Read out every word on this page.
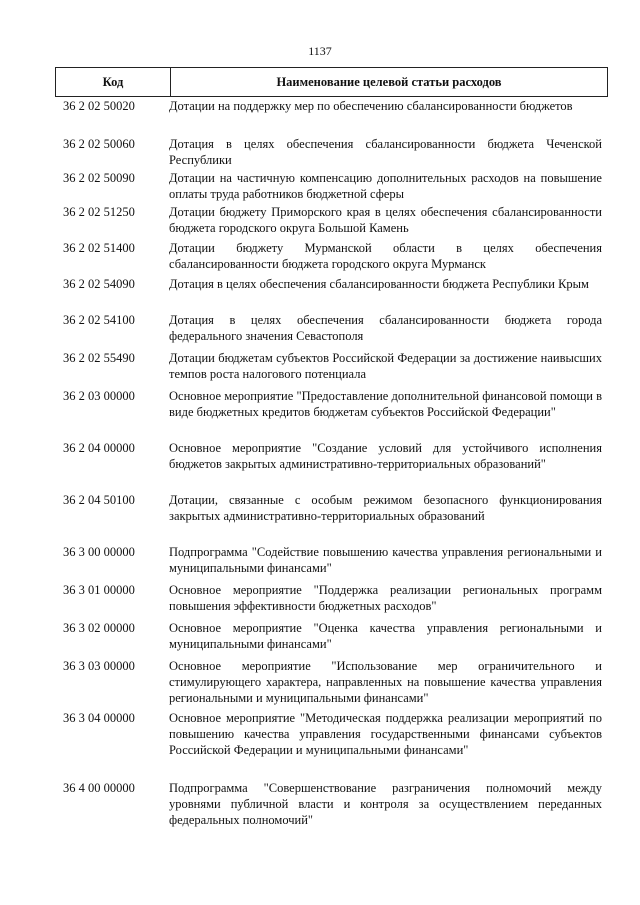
1137
Код	Наименование целевой статьи расходов
36 2 02 50020	Дотации на поддержку мер по обеспечению сбалансированности бюджетов
36 2 02 50060	Дотация в целях обеспечения сбалансированности бюджета Чеченской Республики
36 2 02 50090	Дотации на частичную компенсацию дополнительных расходов на повышение оплаты труда работников бюджетной сферы
36 2 02 51250	Дотации бюджету Приморского края в целях обеспечения сбалансированности бюджета городского округа Большой Камень
36 2 02 51400	Дотации бюджету Мурманской области в целях обеспечения сбалансированности бюджета городского округа Мурманск
36 2 02 54090	Дотация в целях обеспечения сбалансированности бюджета Республики Крым
36 2 02 54100	Дотация в целях обеспечения сбалансированности бюджета города федерального значения Севастополя
36 2 02 55490	Дотации бюджетам субъектов Российской Федерации за достижение наивысших темпов роста налогового потенциала
36 2 03 00000	Основное мероприятие "Предоставление дополнительной финансовой помощи в виде бюджетных кредитов бюджетам субъектов Российской Федерации"
36 2 04 00000	Основное мероприятие "Создание условий для устойчивого исполнения бюджетов закрытых административно-территориальных образований"
36 2 04 50100	Дотации, связанные с особым режимом безопасного функционирования закрытых административно-территориальных образований
36 3 00 00000	Подпрограмма "Содействие повышению качества управления региональными и муниципальными финансами"
36 3 01 00000	Основное мероприятие "Поддержка реализации региональных программ повышения эффективности бюджетных расходов"
36 3 02 00000	Основное мероприятие "Оценка качества управления региональными и муниципальными финансами"
36 3 03 00000	Основное мероприятие "Использование мер ограничительного и стимулирующего характера, направленных на повышение качества управления региональными и муниципальными финансами"
36 3 04 00000	Основное мероприятие "Методическая поддержка реализации мероприятий по повышению качества управления государственными финансами субъектов Российской Федерации и муниципальными финансами"
36 4 00 00000	Подпрограмма "Совершенствование разграничения полномочий между уровнями публичной власти и контроля за осуществлением переданных федеральных полномочий"
